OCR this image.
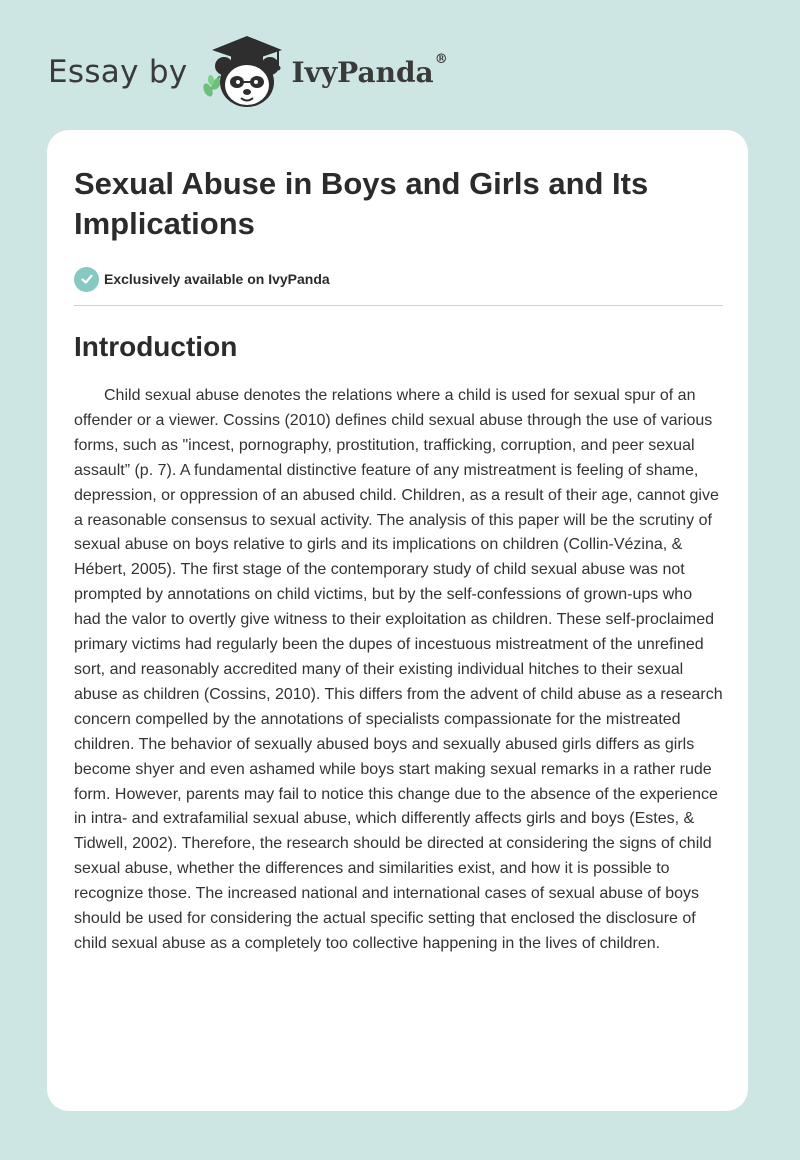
Essay by	IvyPanda®
Sexual Abuse in Boys and Girls and Its Implications
Exclusively available on IvyPanda
Introduction

Child sexual abuse denotes the relations where a child is used for sexual spur of an offender or a viewer. Cossins (2010) defines child sexual abuse through the use of various forms, such as "incest, pornography, prostitution, trafficking, corruption, and peer sexual assault” (p. 7). A fundamental distinctive feature of any mistreatment is feeling of shame, depression, or oppression of an abused child. Children, as a result of their age, cannot give a reasonable consensus to sexual activity. The analysis of this paper will be the scrutiny of sexual abuse on boys relative to girls and its implications on children (Collin-Vézina, & Hébert, 2005). The first stage of the contemporary study of child sexual abuse was not prompted by annotations on child victims, but by the self-confessions of grown-ups who had the valor to overtly give witness to their exploitation as children. These self-proclaimed primary victims had regularly been the dupes of incestuous mistreatment of the unrefined sort, and reasonably accredited many of their existing individual hitches to their sexual abuse as children (Cossins, 2010). This differs from the advent of child abuse as a research concern compelled by the annotations of specialists compassionate for the mistreated children. The behavior of sexually abused boys and sexually abused girls differs as girls become shyer and even ashamed while boys start making sexual remarks in a rather rude form. However, parents may fail to notice this change due to the absence of the experience in intra- and extrafamilial sexual abuse, which differently affects girls and boys (Estes, & Tidwell, 2002). Therefore, the research should be directed at considering the signs of child sexual abuse, whether the differences and similarities exist, and how it is possible to recognize those. The increased national and international cases of sexual abuse of boys should be used for considering the actual specific setting that enclosed the disclosure of child sexual abuse as a completely too collective happening in the lives of children.
